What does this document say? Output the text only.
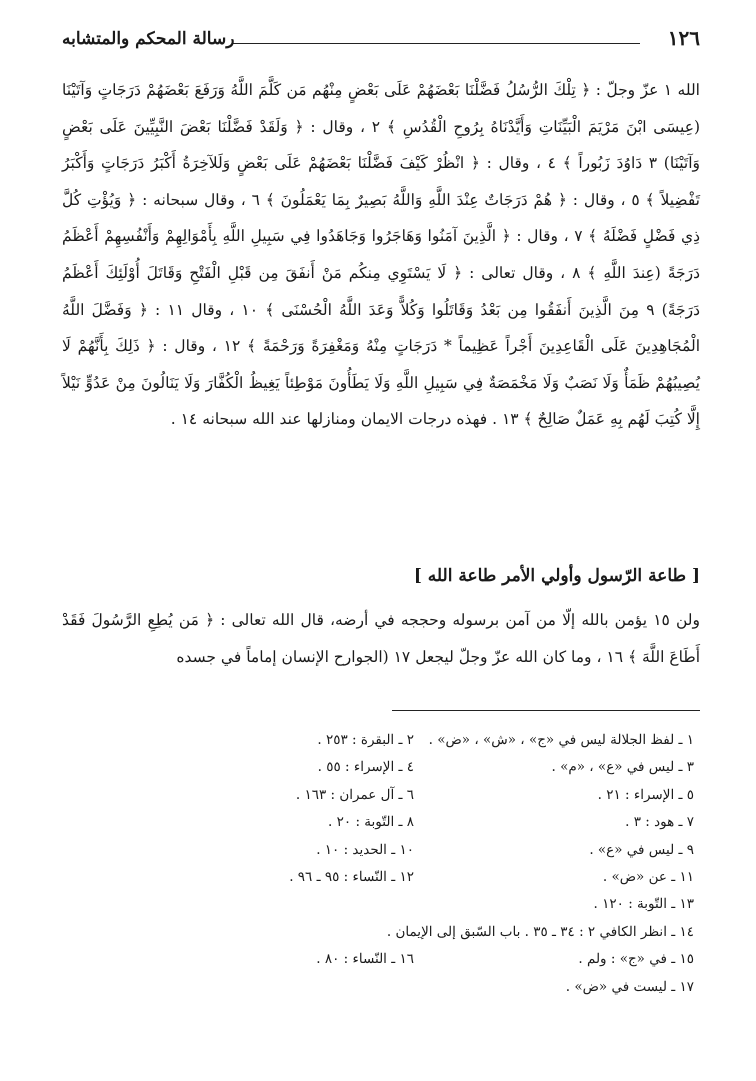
١٢٦
رسالة المحكم والمتشابه
الله ١ عزّ وجلّ : ﴿ تِلْكَ الرُّسُلُ فَضَّلْنَا بَعْضَهُمْ عَلَى بَعْضٍ مِنْهُم مَن كَلَّمَ اللَّهُ وَرَفَعَ بَعْضَهُمْ دَرَجَاتٍ وَآتَيْنَا (عِيسَى ابْنَ مَرْيَمَ الْبَيِّنَاتِ وَأَيَّدْنَاهُ بِرُوحِ الْقُدُسِ ﴾ ٢ ، وقال : ﴿ وَلَقَدْ فَضَّلْنَا بَعْضَ النَّبِيِّينَ عَلَى بَعْضٍ وَآتَيْنَا) ٣ دَاوُدَ زَبُوراً ﴾ ٤ ، وقال : ﴿ انْظُرْ كَيْفَ فَضَّلْنَا بَعْضَهُمْ عَلَى بَعْضٍ وَلَلآخِرَةُ أَكْبَرُ دَرَجَاتٍ وَأَكْبَرُ تَفْضِيلاً ﴾ ٥ ، وقال : ﴿ هُمْ دَرَجَاتٌ عِنْدَ اللَّهِ وَاللَّهُ بَصِيرٌ بِمَا يَعْمَلُونَ ﴾ ٦ ، وقال سبحانه : ﴿ وَيُؤْتِ كُلَّ ذِي فَضْلٍ فَضْلَهُ ﴾ ٧ ، وقال : ﴿ الَّذِينَ آمَنُوا وَهَاجَرُوا وَجَاهَدُوا فِي سَبِيلِ اللَّهِ بِأَمْوَالِهِمْ وَأَنْفُسِهِمْ أَعْظَمُ دَرَجَةً (عِندَ اللَّهِ ﴾ ٨ ، وقال تعالى : ﴿ لَا يَسْتَوِي مِنكُم مَنْ أَنفَقَ مِن قَبْلِ الْفَتْحِ وَقَاتَلَ أُوْلَئِكَ أَعْظَمُ دَرَجَةً) ٩ مِنَ الَّذِينَ أَنفَقُوا مِن بَعْدُ وَقَاتَلُوا وَكُلاًّ وَعَدَ اللَّهُ الْحُسْنَى ﴾ ١٠ ، وقال ١١ : ﴿ وَفَضَّلَ اللَّهُ الْمُجَاهِدِينَ عَلَى الْقَاعِدِينَ أَجْراً عَظِيماً * دَرَجَاتٍ مِنْهُ وَمَغْفِرَةً وَرَحْمَةً ﴾ ١٢ ، وقال : ﴿ ذَلِكَ بِأَنَّهُمْ لَا يُصِيبُهُمْ ظَمَأٌ وَلَا نَصَبٌ وَلَا مَخْمَصَةٌ فِي سَبِيلِ اللَّهِ وَلَا يَطَأُونَ مَوْطِئاً يَغِيظُ الْكُفَّارَ وَلَا يَنَالُونَ مِنْ عَدُوٍّ نَيْلاً إِلَّا كُتِبَ لَهُم بِهِ عَمَلٌ صَالِحٌ ﴾ ١٣ . فهذه درجات الايمان ومنازلها عند الله سبحانه ١٤ .
[ طاعة الرّسول وأولي الأمر طاعة الله ]
ولن ١٥ يؤمن بالله إلّا من آمن برسوله وحججه في أرضه، قال الله تعالى : ﴿ مَن يُطِعِ الرَّسُولَ فَقَدْ أَطَاعَ اللَّهَ ﴾ ١٦ ، وما كان الله عزّ وجلّ ليجعل ١٧ (الجوارح الإنسان إماماً في جسده
١ ـ لفظ الجلالة ليس في «ج» ، «ش» ، «ض» .
٢ ـ البقرة : ٢٥٣ .
٣ ـ ليس في «ع» ، «م» .
٤ ـ الإسراء : ٥٥ .
٥ ـ الإسراء : ٢١ .
٦ ـ آل عمران : ١٦٣ .
٧ ـ هود : ٣ .
٨ ـ التّوبة : ٢٠ .
٩ ـ ليس في «ع» .
١٠ ـ الحديد : ١٠ .
١١ ـ عن «ض» .
١٢ ـ النّساء : ٩٥ ـ ٩٦ .
١٣ ـ التّوبة : ١٢٠ .
١٤ ـ انظر الكافي ٢ : ٣٤ ـ ٣٥ . باب السّبق إلى الإيمان .
١٥ ـ في «ج» : ولم .
١٦ ـ النّساء : ٨٠ .
١٧ ـ ليست في «ض» .
